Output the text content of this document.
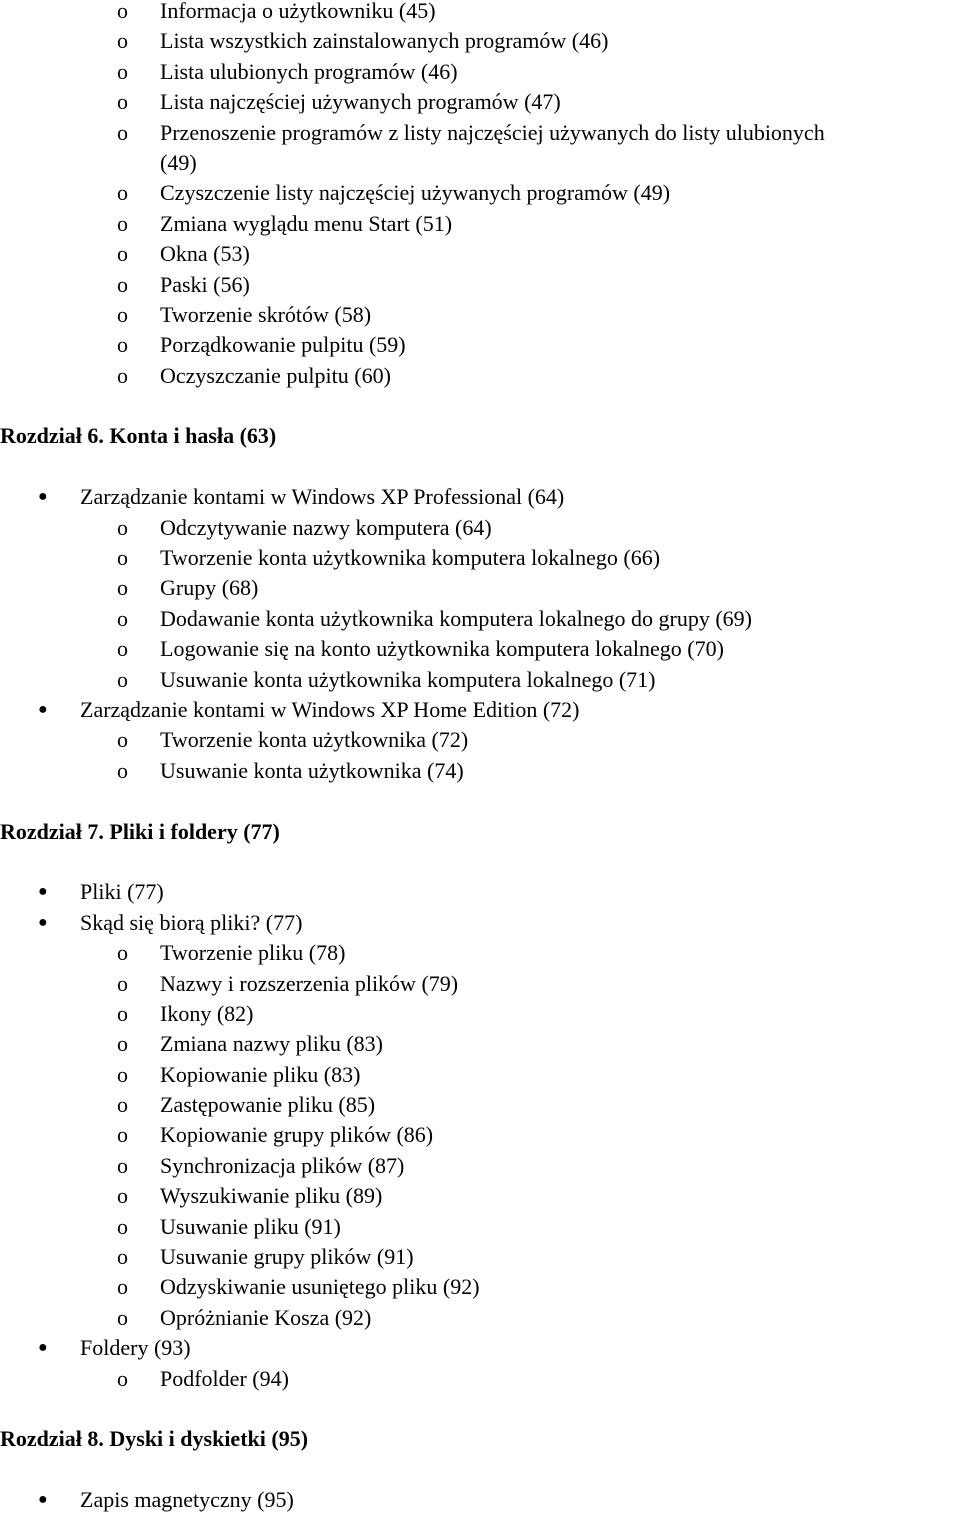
o Informacja o użytkowniku (45)
o Lista wszystkich zainstalowanych programów (46)
o Lista ulubionych programów (46)
o Lista najczęściej używanych programów (47)
o Przenoszenie programów z listy najczęściej używanych do listy ulubionych
(49)
o Czyszczenie listy najczęściej używanych programów (49)
o Zmiana wyglądu menu Start (51)
o Okna (53)
o Paski (56)
o Tworzenie skrótów (58)
o Porządkowanie pulpitu (59)
o Oczyszczanie pulpitu (60)
Rozdział 6. Konta i hasła (63)
● Zarządzanie kontami w Windows XP Professional (64)
o Odczytywanie nazwy komputera (64)
o Tworzenie konta użytkownika komputera lokalnego (66)
o Grupy (68)
o Dodawanie konta użytkownika komputera lokalnego do grupy (69)
o Logowanie się na konto użytkownika komputera lokalnego (70)
o Usuwanie konta użytkownika komputera lokalnego (71)
● Zarządzanie kontami w Windows XP Home Edition (72)
o Tworzenie konta użytkownika (72)
o Usuwanie konta użytkownika (74)
Rozdział 7. Pliki i foldery (77)
● Pliki (77)
● Skąd się biorą pliki? (77)
o Tworzenie pliku (78)
o Nazwy i rozszerzenia plików (79)
o Ikony (82)
o Zmiana nazwy pliku (83)
o Kopiowanie pliku (83)
o Zastępowanie pliku (85)
o Kopiowanie grupy plików (86)
o Synchronizacja plików (87)
o Wyszukiwanie pliku (89)
o Usuwanie pliku (91)
o Usuwanie grupy plików (91)
o Odzyskiwanie usuniętego pliku (92)
o Opróżnianie Kosza (92)
● Foldery (93)
o Podfolder (94)
Rozdział 8. Dyski i dyskietki (95)
● Zapis magnetyczny (95)
